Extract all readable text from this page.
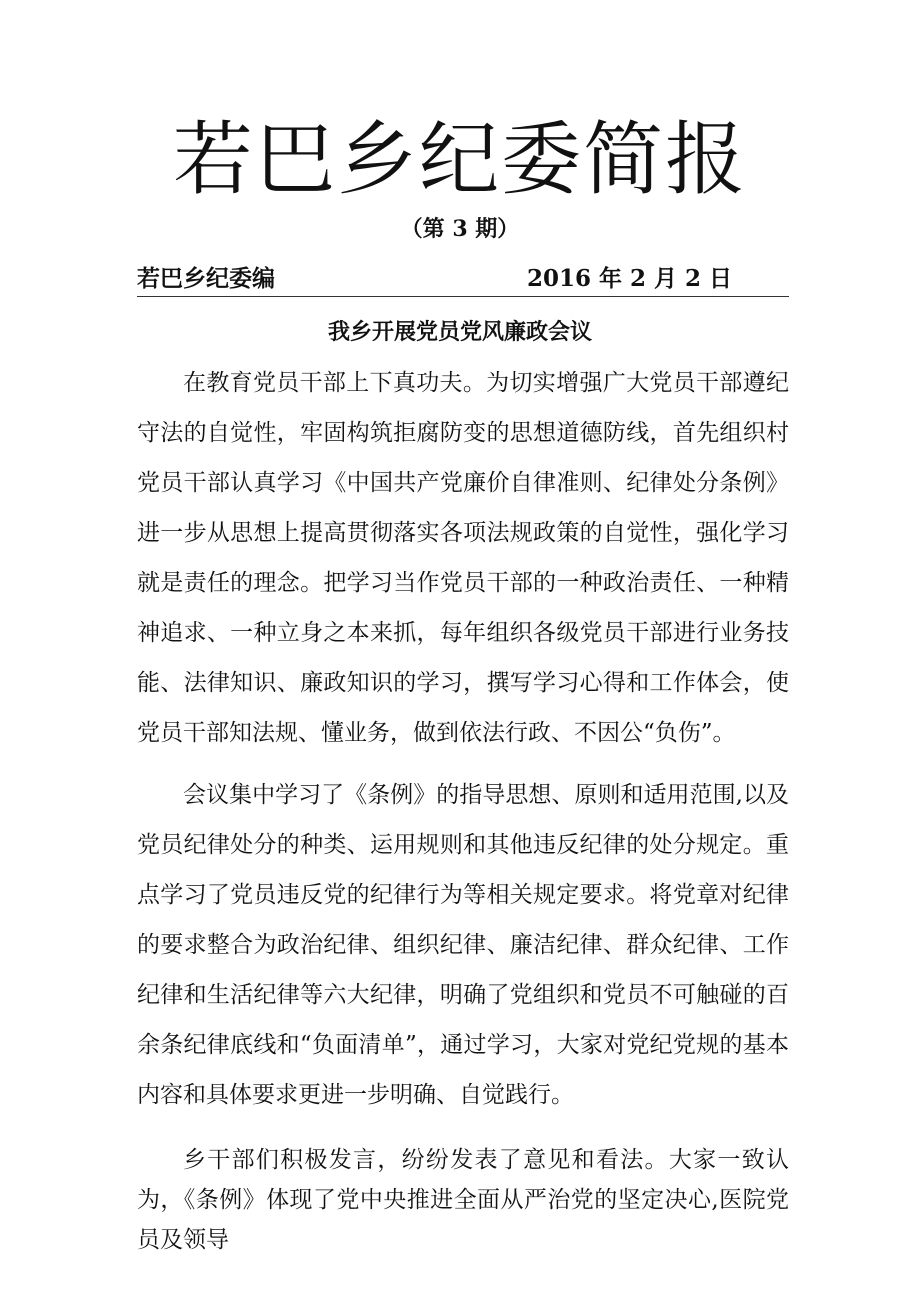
若巴乡纪委简报
（第 3 期）
若巴乡纪委编	2016 年 2 月 2 日
我乡开展党员党风廉政会议

在教育党员干部上下真功夫。为切实增强广大党员干部遵纪守法的自觉性，牢固构筑拒腐防变的思想道德防线，首先组织村党员干部认真学习《中国共产党廉价自律准则、纪律处分条例》进一步从思想上提高贯彻落实各项法规政策的自觉性，强化学习就是责任的理念。把学习当作党员干部的一种政治责任、一种精神追求、一种立身之本来抓，每年组织各级党员干部进行业务技能、法律知识、廉政知识的学习，撰写学习心得和工作体会，使党员干部知法规、懂业务，做到依法行政、不因公“负伤”。

会议集中学习了《条例》的指导思想、原则和适用范围,以及党员纪律处分的种类、运用规则和其他违反纪律的处分规定。重点学习了党员违反党的纪律行为等相关规定要求。将党章对纪律的要求整合为政治纪律、组织纪律、廉洁纪律、群众纪律、工作纪律和生活纪律等六大纪律，明确了党组织和党员不可触碰的百余条纪律底线和“负面清单”，通过学习，大家对党纪党规的基本内容和具体要求更进一步明确、自觉践行。

乡干部们积极发言，纷纷发表了意见和看法。大家一致认为，《条例》体现了党中央推进全面从严治党的坚定决心,医院党员及领导
